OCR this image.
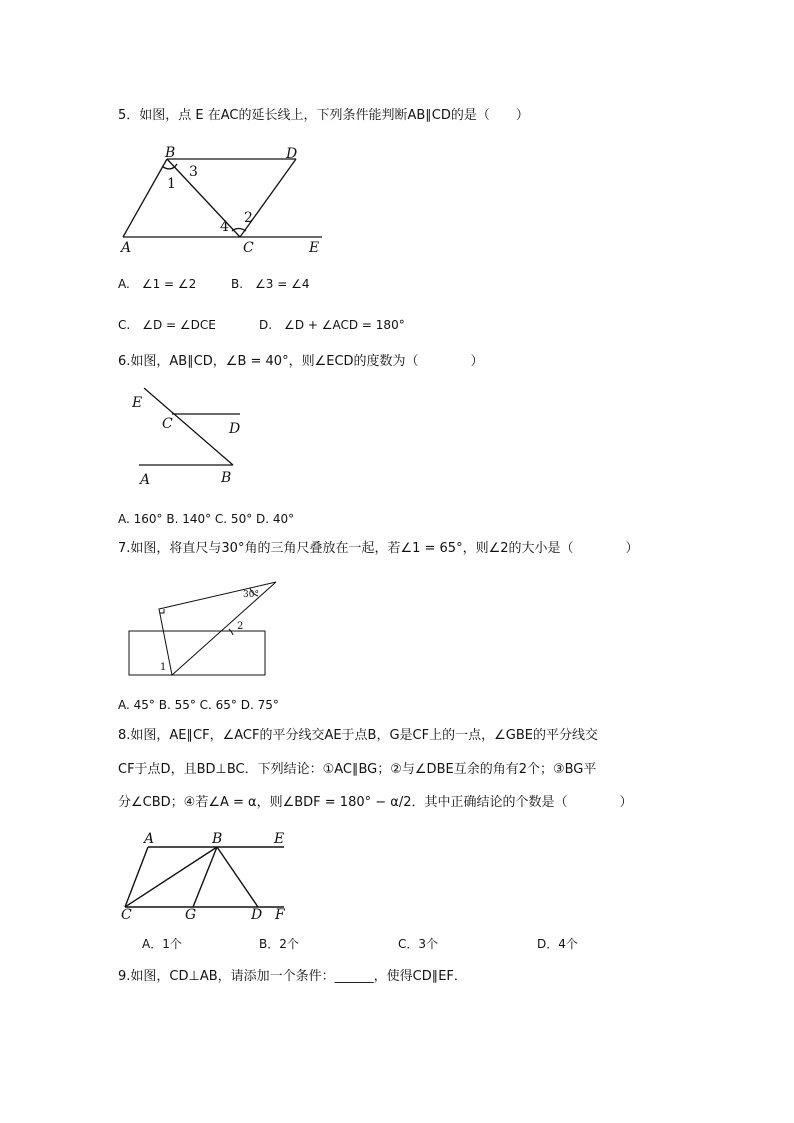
5．如图，点 E 在AC的延长线上，下列条件能判断AB∥CD的是（　　）
B	D
1
3
4
2
A	C	E
A.　∠1 = ∠2	B.　∠3 = ∠4
C.　∠D = ∠DCE	D.　∠D + ∠ACD = 180°
6.如图，AB∥CD，∠B = 40°，则∠ECD的度数为（　　　　）
E
C	D
A	B
A. 160° B. 140° C. 50° D. 40°
7.如图，将直尺与30°角的三角尺叠放在一起，若∠1 = 65°，则∠2的大小是（　　　　）
30°
2
1
A. 45° B. 55° C. 65° D. 75°
8.如图，AE∥CF，∠ACF的平分线交AE于点B，G是CF上的一点，∠GBE的平分线交
CF于点D，且BD⊥BC．下列结论：①AC∥BG；②与∠DBE互余的角有2个；③BG平
分∠CBD；④若∠A = α，则∠BDF = 180° − α/2．其中正确结论的个数是（　　　　）
A	B	E
C	G	D F
A．1个	B．2个	C．3个	D．4个
9.如图，CD⊥AB，请添加一个条件：______，使得CD∥EF．
